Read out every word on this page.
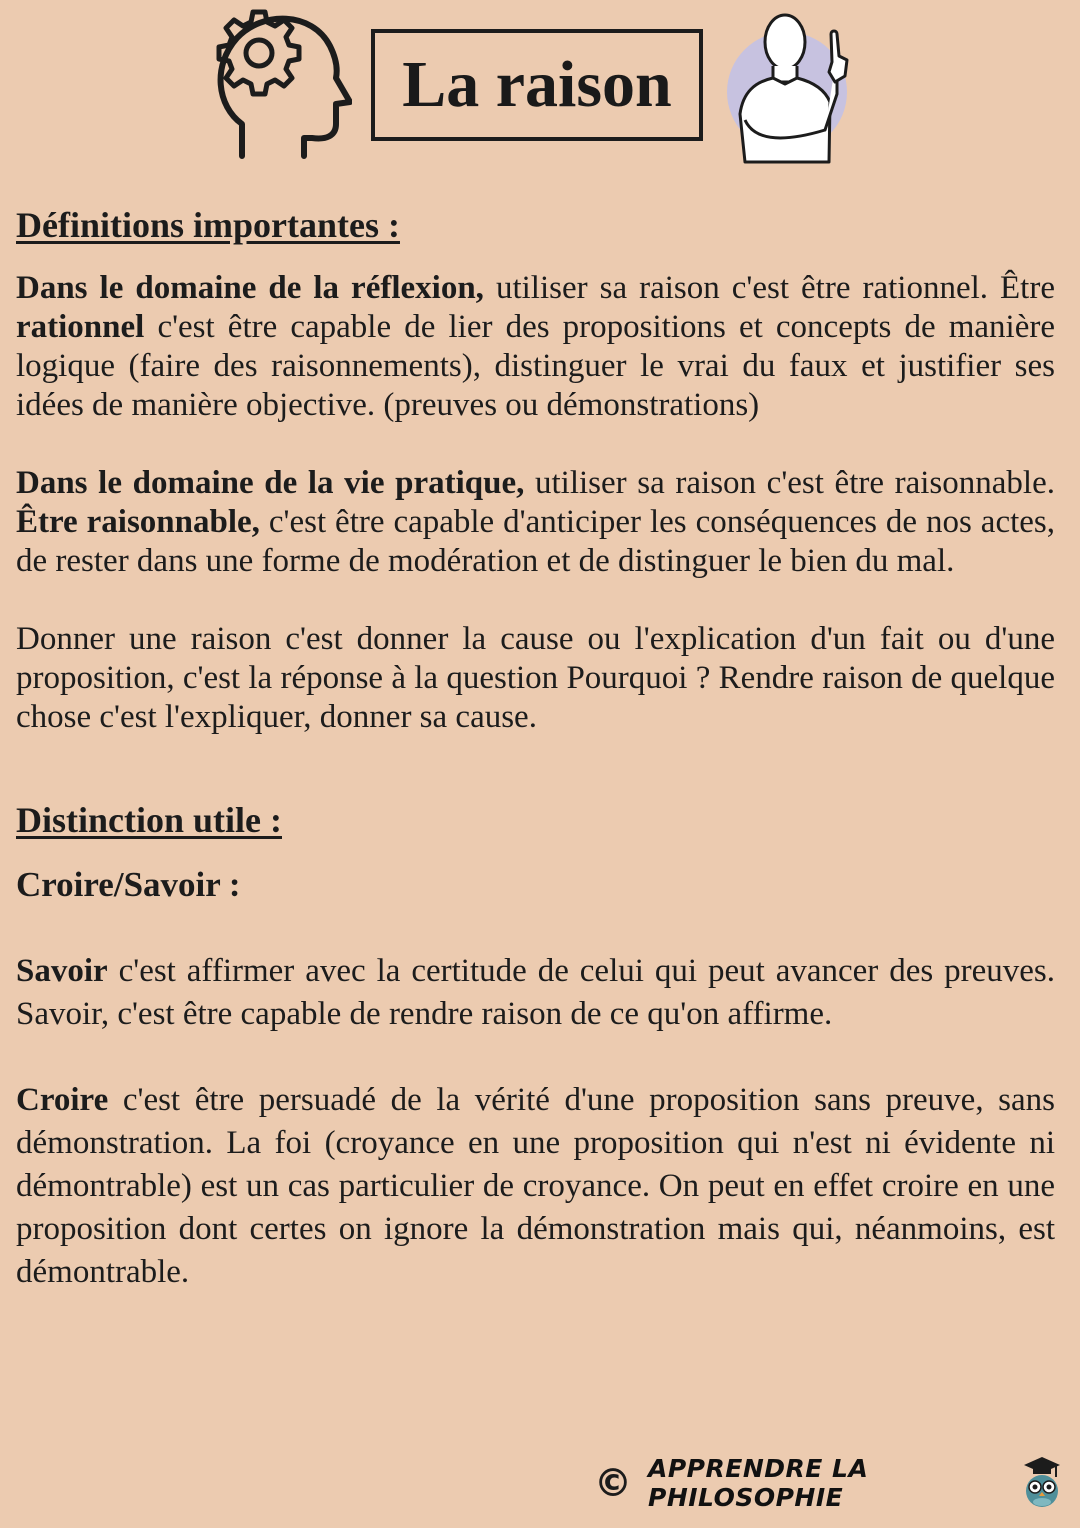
La raison
Définitions importantes :

Dans le domaine de la réflexion, utiliser sa raison c'est être rationnel. Être rationnel c'est être capable de lier des propositions et concepts de manière logique (faire des raisonnements), distinguer le vrai du faux et justifier ses idées de manière objective. (preuves ou démonstrations)

Dans le domaine de la vie pratique, utiliser sa raison c'est être raisonnable. Être raisonnable, c'est être capable d'anticiper les conséquences de nos actes, de rester dans une forme de modération et de distinguer le bien du mal.

Donner une raison c'est donner la cause ou l'explication d'un fait ou d'une proposition, c'est la réponse à la question Pourquoi ? Rendre raison de quelque chose c'est l'expliquer, donner sa cause.

Distinction utile :

Croire/Savoir :

Savoir c'est affirmer avec la certitude de celui qui peut avancer des preuves. Savoir, c'est être capable de rendre raison de ce qu'on affirme.

Croire c'est être persuadé de la vérité d'une proposition sans preuve, sans démonstration. La foi (croyance en une proposition qui n'est ni évidente ni démontrable) est un cas particulier de croyance. On peut en effet croire en une proposition dont certes on ignore la démonstration mais qui, néanmoins, est démontrable.

© APPRENDRE LA PHILOSOPHIE
